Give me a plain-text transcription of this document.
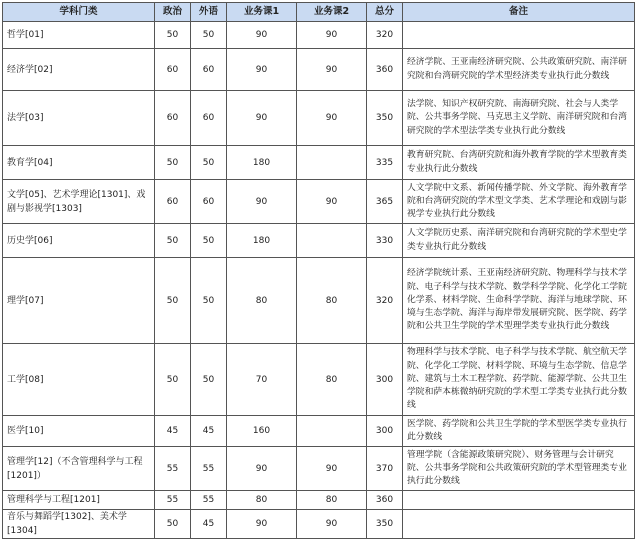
学科门类	政治	外语	业务课1	业务课2	总分	备注
哲学[01]	50	50	90	90	320	
经济学[02]	60	60	90	90	360	经济学院、王亚南经济研究院、公共政策研究院、南洋研究院和台湾研究院的学术型经济类专业执行此分数线
法学[03]	60	60	90	90	350	法学院、知识产权研究院、南海研究院、社会与人类学院、公共事务学院、马克思主义学院、南洋研究院和台湾研究院的学术型法学类专业执行此分数线
教育学[04]	50	50	180		335	教育研究院、台湾研究院和海外教育学院的学术型教育类专业执行此分数线
文学[05]、艺术学理论[1301]、戏剧与影视学[1303]	60	60	90	90	365	人文学院中文系、新闻传播学院、外文学院、海外教育学院和台湾研究院的学术型文学类、艺术学理论和戏剧与影视学专业执行此分数线
历史学[06]	50	50	180		330	人文学院历史系、南洋研究院和台湾研究院的学术型史学类专业执行此分数线
理学[07]	50	50	80	80	320	经济学院统计系、王亚南经济研究院、物理科学与技术学院、电子科学与技术学院、数学科学学院、化学化工学院化学系、材料学院、生命科学学院、海洋与地球学院、环境与生态学院、海洋与海岸带发展研究院、医学院、药学院和公共卫生学院的学术型理学类专业执行此分数线
工学[08]	50	50	70	80	300	物理科学与技术学院、电子科学与技术学院、航空航天学院、化学化工学院、材料学院、环境与生态学院、信息学院、建筑与土木工程学院、药学院、能源学院、公共卫生学院和萨本栋微纳研究院的学术型工学类专业执行此分数线
医学[10]	45	45	160		300	医学院、药学院和公共卫生学院的学术型医学类专业执行此分数线
管理学[12]（不含管理科学与工程[1201]）	55	55	90	90	370	管理学院（含能源政策研究院）、财务管理与会计研究院、公共事务学院和公共政策研究院的学术型管理类专业执行此分数线
管理科学与工程[1201]	55	55	80	80	360	
音乐与舞蹈学[1302]、美术学[1304]	50	45	90	90	350	
